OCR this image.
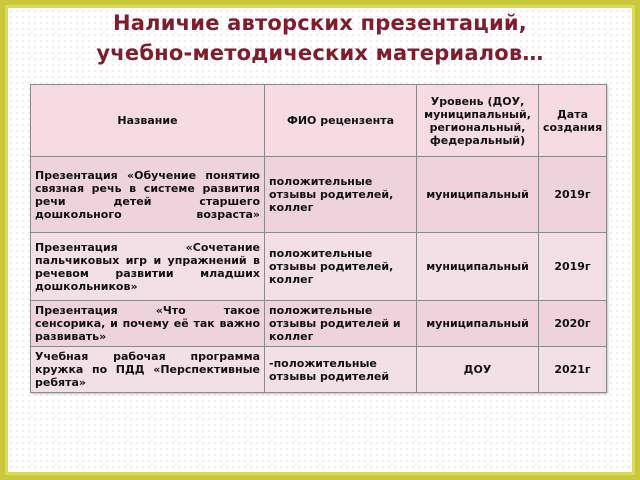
Наличие авторских презентаций,
учебно-методических материалов…
Название	ФИО рецензента	Уровень (ДОУ, муниципальный, региональный, федеральный)	Дата создания
Презентация «Обучение понятию связная речь в системе развития речи детей старшего дошкольного возраста»	положительные отзывы родителей, коллег	муниципальный	2019г
Презентация «Сочетание пальчиковых игр и упражнений в речевом развитии младших дошкольников»	положительные отзывы родителей, коллег	муниципальный	2019г
Презентация «Что такое сенсорика, и почему её так важно развивать»	положительные отзывы родителей и коллег	муниципальный	2020г
Учебная рабочая программа кружка по ПДД «Перспективные ребята»	-положительные отзывы родителей	ДОУ	2021г
